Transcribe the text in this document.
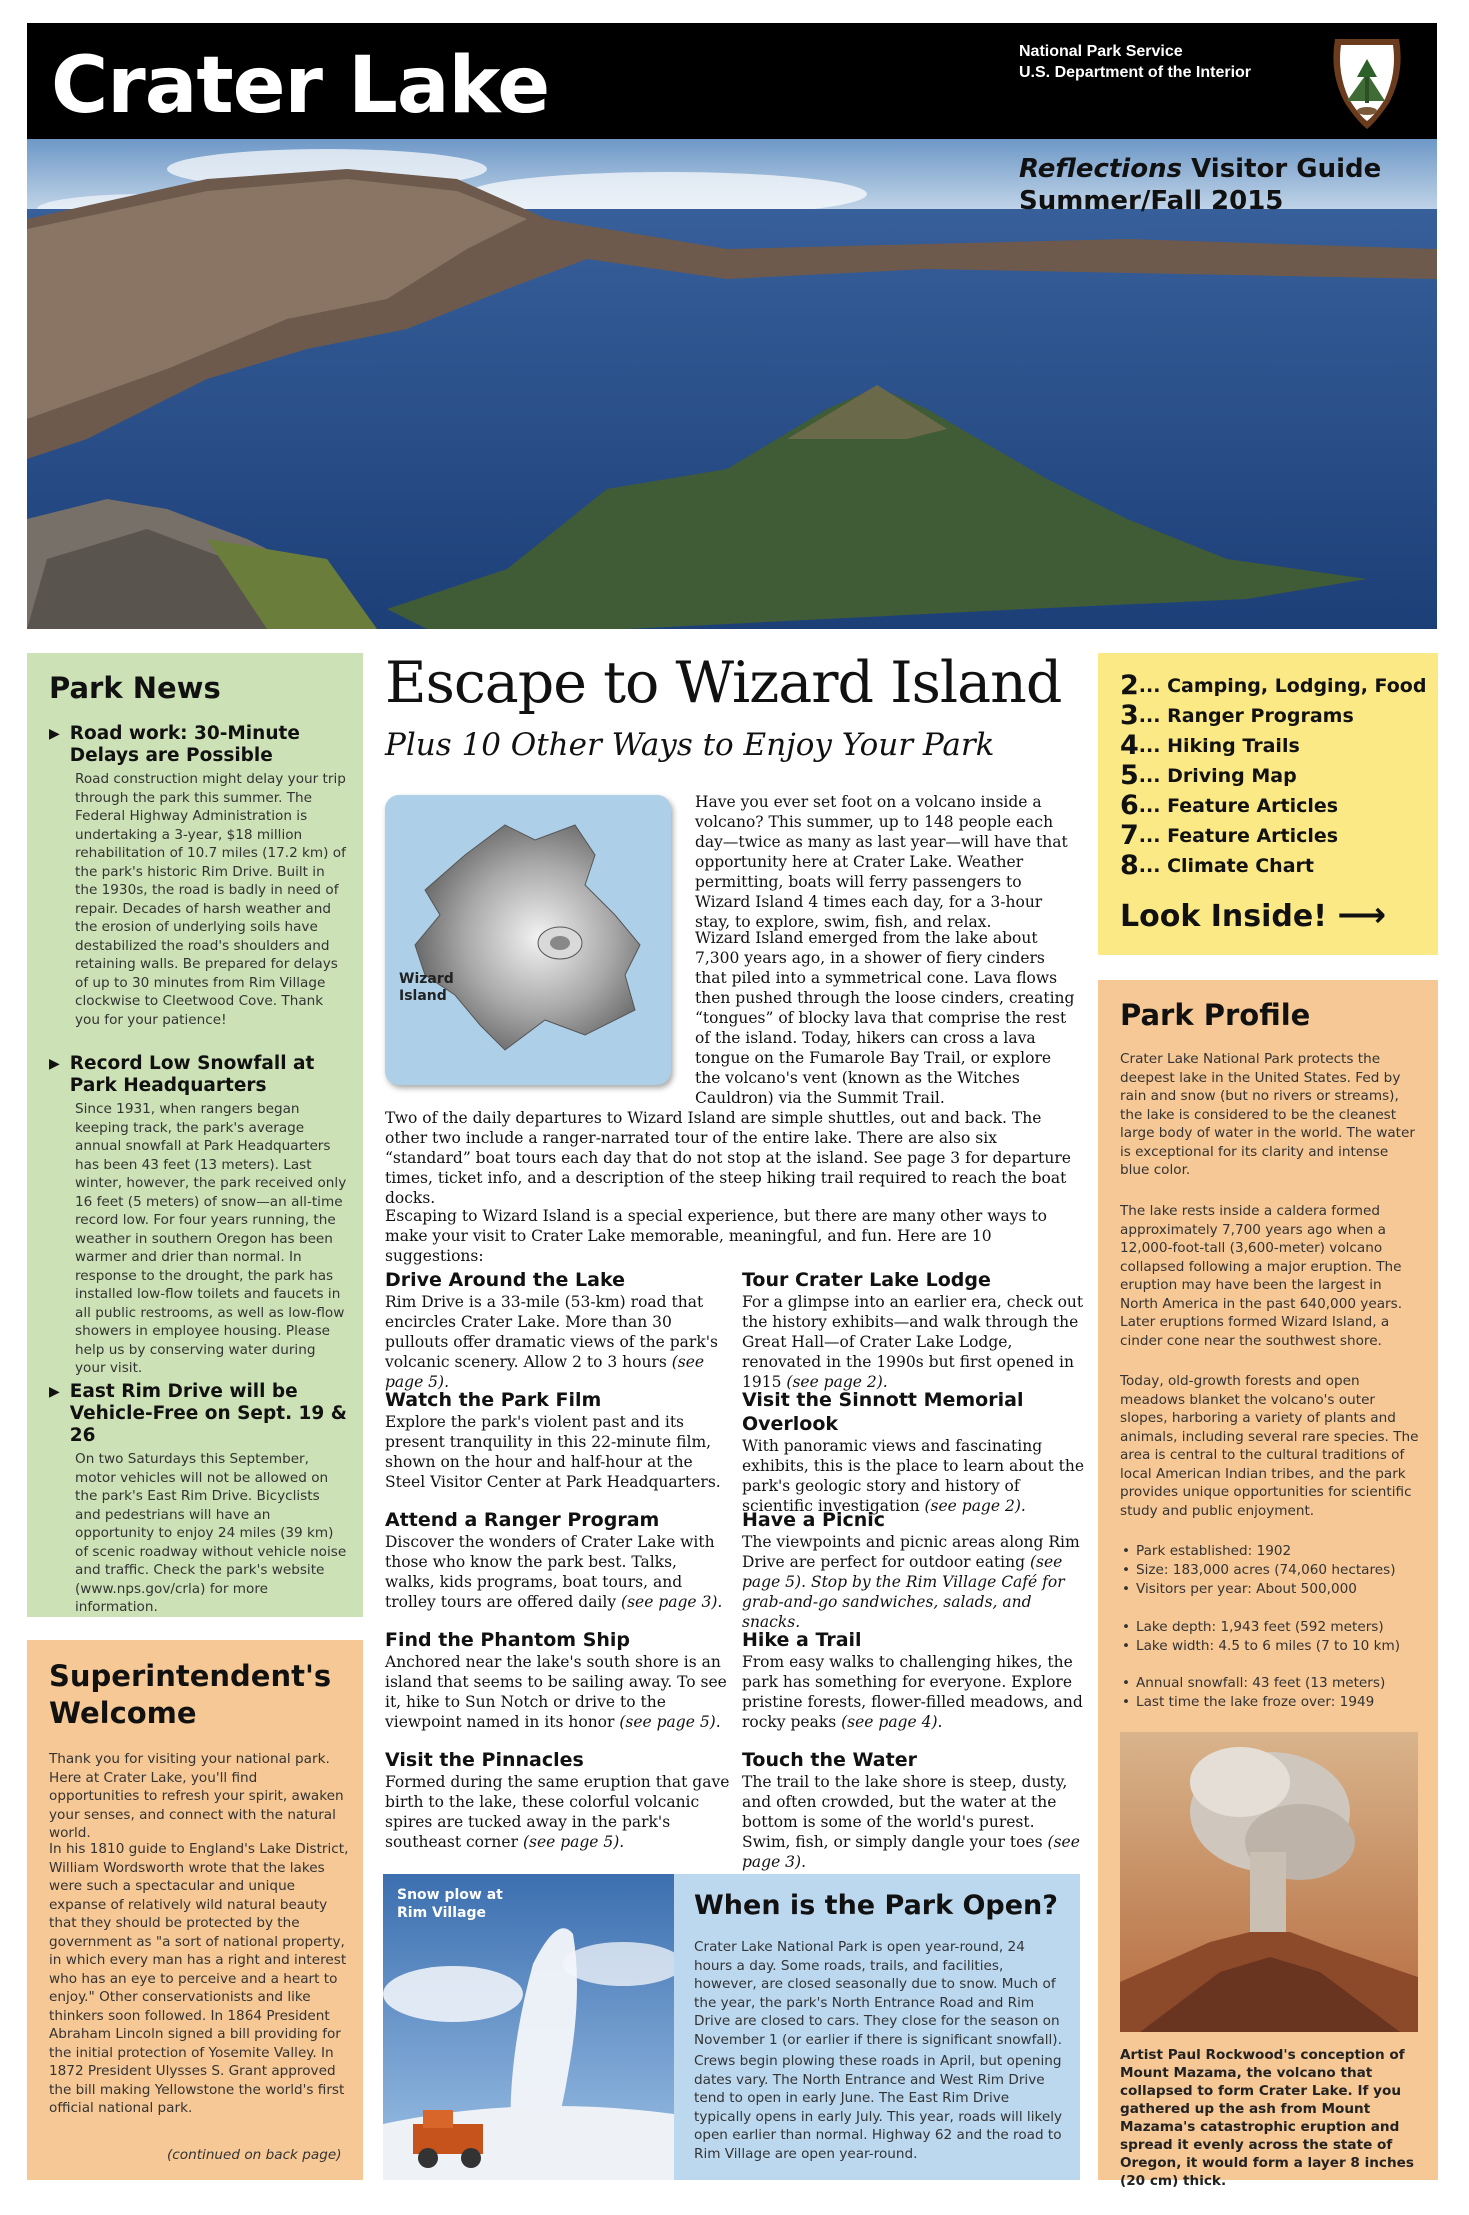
Crater Lake	National Park Service
U.S. Department of the Interior
Reflections Visitor Guide
Summer/Fall 2015
Park News
▶ Road work: 30-Minute Delays are Possible
Road construction might delay your trip through the park this summer. The Federal Highway Administration is undertaking a 3-year, $18 million rehabilitation of 10.7 miles (17.2 km) of the park's historic Rim Drive. Built in the 1930s, the road is badly in need of repair. Decades of harsh weather and the erosion of underlying soils have destabilized the road's shoulders and retaining walls. Be prepared for delays of up to 30 minutes from Rim Village clockwise to Cleetwood Cove. Thank you for your patience!
▶ Record Low Snowfall at Park Headquarters
Since 1931, when rangers began keeping track, the park's average annual snowfall at Park Headquarters has been 43 feet (13 meters). Last winter, however, the park received only 16 feet (5 meters) of snow—an all-time record low. For four years running, the weather in southern Oregon has been warmer and drier than normal. In response to the drought, the park has installed low-flow toilets and faucets in all public restrooms, as well as low-flow showers in employee housing. Please help us by conserving water during your visit.
▶ East Rim Drive will be Vehicle-Free on Sept. 19 & 26
On two Saturdays this September, motor vehicles will not be allowed on the park's East Rim Drive. Bicyclists and pedestrians will have an opportunity to enjoy 24 miles (39 km) of scenic roadway without vehicle noise and traffic. Check the park's website (www.nps.gov/crla) for more information.
Superintendent's Welcome
Thank you for visiting your national park. Here at Crater Lake, you'll find opportunities to refresh your spirit, awaken your senses, and connect with the natural world.
In his 1810 guide to England's Lake District, William Wordsworth wrote that the lakes were such a spectacular and unique expanse of relatively wild natural beauty that they should be protected by the government as "a sort of national property, in which every man has a right and interest who has an eye to perceive and a heart to enjoy." Other conservationists and like thinkers soon followed. In 1864 President Abraham Lincoln signed a bill providing for the initial protection of Yosemite Valley. In 1872 President Ulysses S. Grant approved the bill making Yellowstone the world's first official national park.
(continued on back page)
Escape to Wizard Island
Plus 10 Other Ways to Enjoy Your Park
Wizard Island
Have you ever set foot on a volcano inside a volcano? This summer, up to 148 people each day—twice as many as last year—will have that opportunity here at Crater Lake. Weather permitting, boats will ferry passengers to Wizard Island 4 times each day, for a 3-hour stay, to explore, swim, fish, and relax.
Wizard Island emerged from the lake about 7,300 years ago, in a shower of fiery cinders that piled into a symmetrical cone. Lava flows then pushed through the loose cinders, creating “tongues” of blocky lava that comprise the rest of the island. Today, hikers can cross a lava tongue on the Fumarole Bay Trail, or explore the volcano's vent (known as the Witches Cauldron) via the Summit Trail.
Two of the daily departures to Wizard Island are simple shuttles, out and back. The other two include a ranger-narrated tour of the entire lake. There are also six “standard” boat tours each day that do not stop at the island. See page 3 for departure times, ticket info, and a description of the steep hiking trail required to reach the boat docks.
Escaping to Wizard Island is a special experience, but there are many other ways to make your visit to Crater Lake memorable, meaningful, and fun. Here are 10 suggestions:
Drive Around the Lake
Rim Drive is a 33-mile (53-km) road that encircles Crater Lake. More than 30 pullouts offer dramatic views of the park's volcanic scenery. Allow 2 to 3 hours (see page 5).
Tour Crater Lake Lodge
For a glimpse into an earlier era, check out the history exhibits—and walk through the Great Hall—of Crater Lake Lodge, renovated in the 1990s but first opened in 1915 (see page 2).
Watch the Park Film
Explore the park's violent past and its present tranquility in this 22-minute film, shown on the hour and half-hour at the Steel Visitor Center at Park Headquarters.
Visit the Sinnott Memorial Overlook
With panoramic views and fascinating exhibits, this is the place to learn about the park's geologic story and history of scientific investigation (see page 2).
Attend a Ranger Program
Discover the wonders of Crater Lake with those who know the park best. Talks, walks, kids programs, boat tours, and trolley tours are offered daily (see page 3).
Have a Picnic
The viewpoints and picnic areas along Rim Drive are perfect for outdoor eating (see page 5). Stop by the Rim Village Café for grab-and-go sandwiches, salads, and snacks.
Find the Phantom Ship
Anchored near the lake's south shore is an island that seems to be sailing away. To see it, hike to Sun Notch or drive to the viewpoint named in its honor (see page 5).
Hike a Trail
From easy walks to challenging hikes, the park has something for everyone. Explore pristine forests, flower-filled meadows, and rocky peaks (see page 4).
Visit the Pinnacles
Formed during the same eruption that gave birth to the lake, these colorful volcanic spires are tucked away in the park's southeast corner (see page 5).
Touch the Water
The trail to the lake shore is steep, dusty, and often crowded, but the water at the bottom is some of the world's purest. Swim, fish, or simply dangle your toes (see page 3).
Snow plow at Rim Village	When is the Park Open?
Crater Lake National Park is open year-round, 24 hours a day. Some roads, trails, and facilities, however, are closed seasonally due to snow. Much of the year, the park's North Entrance Road and Rim Drive are closed to cars. They close for the season on November 1 (or earlier if there is significant snowfall).
Crews begin plowing these roads in April, but opening dates vary. The North Entrance and West Rim Drive tend to open in early June. The East Rim Drive typically opens in early July. This year, roads will likely open earlier than normal. Highway 62 and the road to Rim Village are open year-round.
2... Camping, Lodging, Food
3... Ranger Programs
4... Hiking Trails
5... Driving Map
6... Feature Articles
7... Feature Articles
8... Climate Chart
Look Inside! ⟶
Park Profile
Crater Lake National Park protects the deepest lake in the United States. Fed by rain and snow (but no rivers or streams), the lake is considered to be the cleanest large body of water in the world. The water is exceptional for its clarity and intense blue color.
The lake rests inside a caldera formed approximately 7,700 years ago when a 12,000-foot-tall (3,600-meter) volcano collapsed following a major eruption. The eruption may have been the largest in North America in the past 640,000 years. Later eruptions formed Wizard Island, a cinder cone near the southwest shore.
Today, old-growth forests and open meadows blanket the volcano's outer slopes, harboring a variety of plants and animals, including several rare species. The area is central to the cultural traditions of local American Indian tribes, and the park provides unique opportunities for scientific study and public enjoyment.
• Park established: 1902
• Size: 183,000 acres (74,060 hectares)
• Visitors per year: About 500,000
• Lake depth: 1,943 feet (592 meters)
• Lake width: 4.5 to 6 miles (7 to 10 km)
• Annual snowfall: 43 feet (13 meters)
• Last time the lake froze over: 1949
Artist Paul Rockwood's conception of Mount Mazama, the volcano that collapsed to form Crater Lake. If you gathered up the ash from Mount Mazama's catastrophic eruption and spread it evenly across the state of Oregon, it would form a layer 8 inches (20 cm) thick.
